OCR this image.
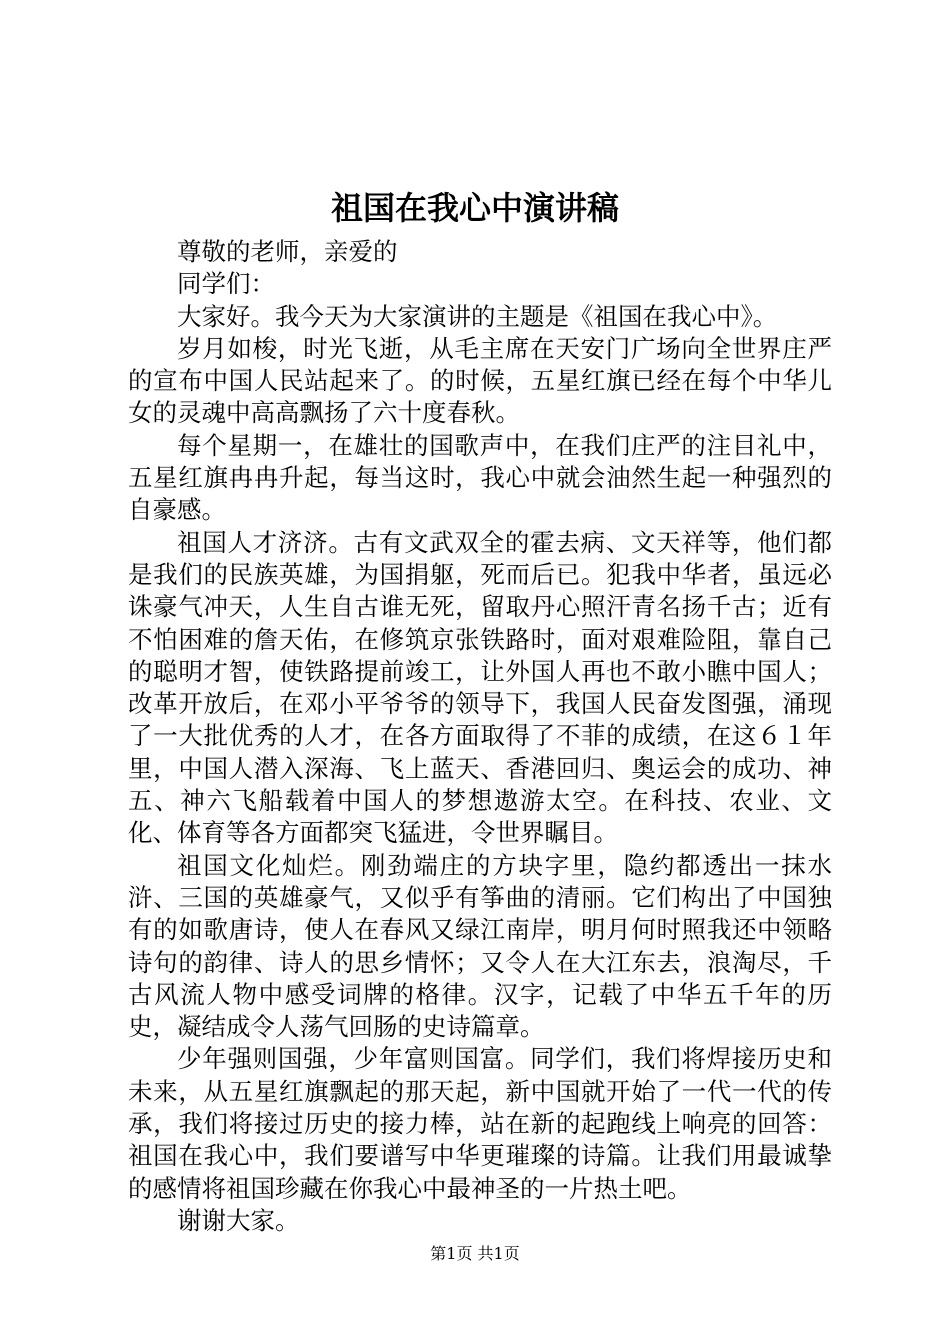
祖国在我心中演讲稿

尊敬的老师，亲爱的

同学们：

大家好。我今天为大家演讲的主题是《祖国在我心中》。

岁月如梭，时光飞逝，从毛主席在天安门广场向全世界庄严的宣布中国人民站起来了。的时候，五星红旗已经在每个中华儿女的灵魂中高高飘扬了六十度春秋。

每个星期一，在雄壮的国歌声中，在我们庄严的注目礼中，五星红旗冉冉升起，每当这时，我心中就会油然生起一种强烈的自豪感。

祖国人才济济。古有文武双全的霍去病、文天祥等，他们都是我们的民族英雄，为国捐躯，死而后已。犯我中华者，虽远必诛豪气冲天，人生自古谁无死，留取丹心照汗青名扬千古；近有不怕困难的詹天佑，在修筑京张铁路时，面对艰难险阻，靠自己的聪明才智，使铁路提前竣工，让外国人再也不敢小瞧中国人；改革开放后，在邓小平爷爷的领导下，我国人民奋发图强，涌现了一大批优秀的人才，在各方面取得了不菲的成绩，在这６１年里，中国人潜入深海、飞上蓝天、香港回归、奥运会的成功、神五、神六飞船载着中国人的梦想遨游太空。在科技、农业、文化、体育等各方面都突飞猛进，令世界瞩目。

祖国文化灿烂。刚劲端庄的方块字里，隐约都透出一抹水浒、三国的英雄豪气，又似乎有筝曲的清丽。它们构出了中国独有的如歌唐诗，使人在春风又绿江南岸，明月何时照我还中领略诗句的韵律、诗人的思乡情怀；又令人在大江东去，浪淘尽，千古风流人物中感受词牌的格律。汉字，记载了中华五千年的历史，凝结成令人荡气回肠的史诗篇章。

少年强则国强，少年富则国富。同学们，我们将焊接历史和未来，从五星红旗飘起的那天起，新中国就开始了一代一代的传承，我们将接过历史的接力棒，站在新的起跑线上响亮的回答：祖国在我心中，我们要谱写中华更璀璨的诗篇。让我们用最诚挚的感情将祖国珍藏在你我心中最神圣的一片热土吧。

谢谢大家。

第1页 共1页
